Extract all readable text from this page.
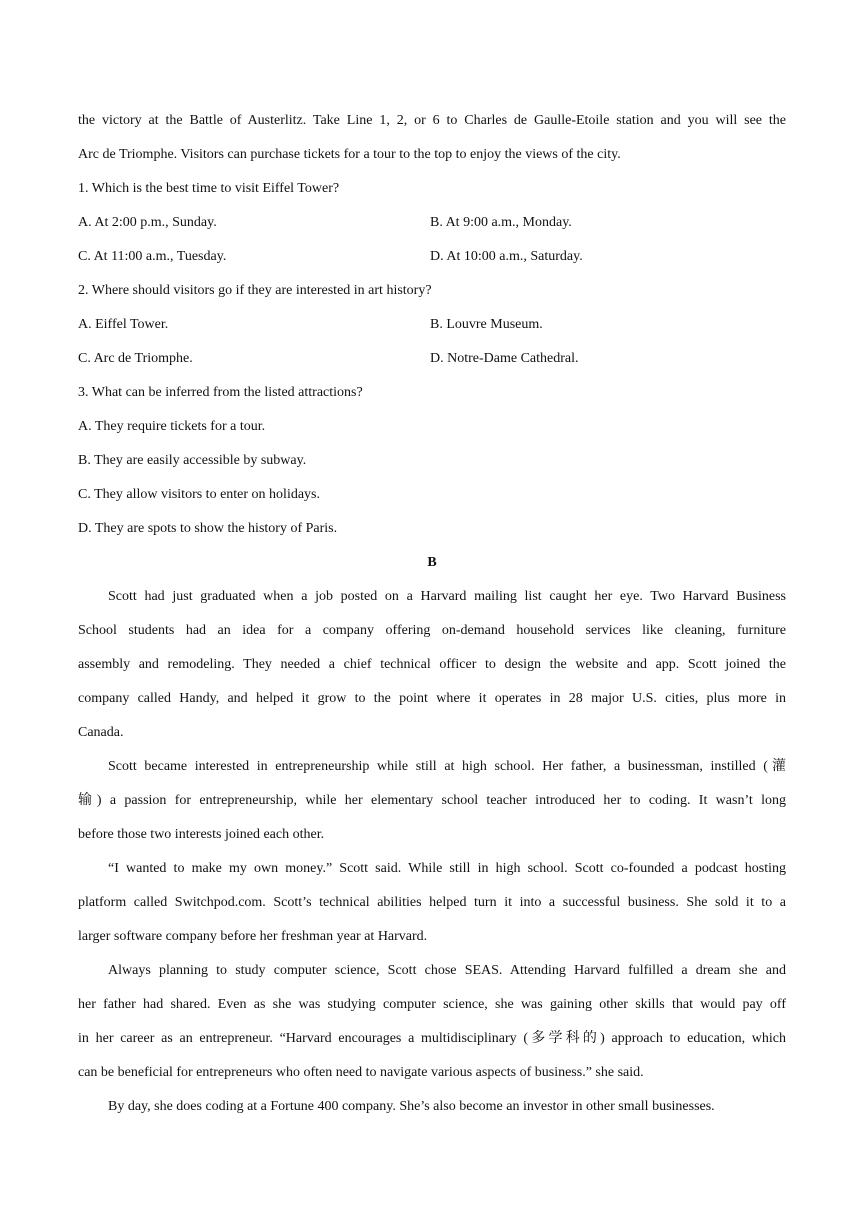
the victory at the Battle of Austerlitz. Take Line 1, 2, or 6 to Charles de Gaulle-Etoile station and you will see the
Arc de Triomphe. Visitors can purchase tickets for a tour to the top to enjoy the views of the city.
1. Which is the best time to visit Eiffel Tower?
A. At 2:00 p.m., Sunday.	B. At 9:00 a.m., Monday.
C. At 11:00 a.m., Tuesday.	D. At 10:00 a.m., Saturday.
2. Where should visitors go if they are interested in art history?
A. Eiffel Tower.	B. Louvre Museum.
C. Arc de Triomphe.	D. Notre-Dame Cathedral.
3. What can be inferred from the listed attractions?
A. They require tickets for a tour.
B. They are easily accessible by subway.
C. They allow visitors to enter on holidays.
D. They are spots to show the history of Paris.
B
Scott had just graduated when a job posted on a Harvard mailing list caught her eye. Two Harvard Business
School students had an idea for a company offering on-demand household services like cleaning, furniture
assembly and remodeling. They needed a chief technical officer to design the website and app. Scott joined the
company called Handy, and helped it grow to the point where it operates in 28 major U.S. cities, plus more in
Canada.
Scott became interested in entrepreneurship while still at high school. Her father, a businessman, instilled (灌
输) a passion for entrepreneurship, while her elementary school teacher introduced her to coding. It wasn’t long
before those two interests joined each other.
“I wanted to make my own money.” Scott said. While still in high school. Scott co-founded a podcast hosting
platform called Switchpod.com. Scott’s technical abilities helped turn it into a successful business. She sold it to a
larger software company before her freshman year at Harvard.
Always planning to study computer science, Scott chose SEAS. Attending Harvard fulfilled a dream she and
her father had shared. Even as she was studying computer science, she was gaining other skills that would pay off
in her career as an entrepreneur. “Harvard encourages a multidisciplinary (多学科的) approach to education, which
can be beneficial for entrepreneurs who often need to navigate various aspects of business.” she said.
By day, she does coding at a Fortune 400 company. She’s also become an investor in other small businesses.
